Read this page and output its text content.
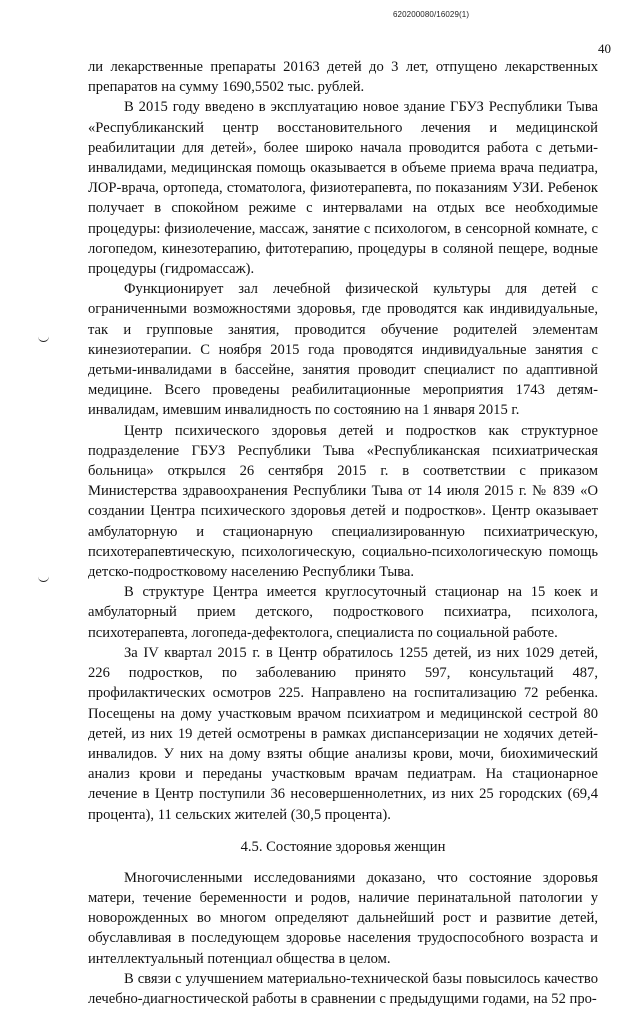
620200080/16029(1)
40

ли лекарственные препараты 20163 детей до 3 лет, отпущено лекарственных препаратов на сумму 1690,5502 тыс. рублей.

В 2015 году введено в эксплуатацию новое здание ГБУЗ Республики Тыва «Республиканский центр восстановительного лечения и медицинской реабилитации для детей», более широко начала проводится работа с детьми-инвалидами, медицинская помощь оказывается в объеме приема врача педиатра, ЛОР-врача, ортопеда, стоматолога, физиотерапевта, по показаниям УЗИ. Ребенок получает в спокойном режиме с интервалами на отдых все необходимые процедуры: физиолечение, массаж, занятие с психологом, в сенсорной комнате, с логопедом, кинезотерапию, фитотерапию, процедуры в соляной пещере, водные процедуры (гидромассаж).

Функционирует зал лечебной физической культуры для детей с ограниченными возможностями здоровья, где проводятся как индивидуальные, так и групповые занятия, проводится обучение родителей элементам кинезиотерапии. С ноября 2015 года проводятся индивидуальные занятия с детьми-инвалидами в бассейне, занятия проводит специалист по адаптивной медицине. Всего проведены реабилитационные мероприятия 1743 детям-инвалидам, имевшим инвалидность по состоянию на 1 января 2015 г.

Центр психического здоровья детей и подростков как структурное подразделение ГБУЗ Республики Тыва «Республиканская психиатрическая больница» открылся 26 сентября 2015 г. в соответствии с приказом Министерства здравоохранения Республики Тыва от 14 июля 2015 г. № 839 «О создании Центра психического здоровья детей и подростков». Центр оказывает амбулаторную и стационарную специализированную психиатрическую, психотерапевтическую, психологическую, социально-психологическую помощь детско-подростковому населению Республики Тыва.

В структуре Центра имеется круглосуточный стационар на 15 коек и амбулаторный прием детского, подросткового психиатра, психолога, психотерапевта, логопеда-дефектолога, специалиста по социальной работе.

За IV квартал 2015 г. в Центр обратилось 1255 детей, из них 1029 детей, 226 подростков, по заболеванию принято 597, консультаций 487, профилактических осмотров 225. Направлено на госпитализацию 72 ребенка. Посещены на дому участковым врачом психиатром и медицинской сестрой 80 детей, из них 19 детей осмотрены в рамках диспансеризации не ходячих детей- инвалидов. У них на дому взяты общие анализы крови, мочи, биохимический анализ крови и переданы участковым врачам педиатрам. На стационарное лечение в Центр поступили 36 несовершеннолетних, из них 25 городских (69,4 процента), 11 сельских жителей (30,5 процента).

4.5. Состояние здоровья женщин

Многочисленными исследованиями доказано, что состояние здоровья матери, течение беременности и родов, наличие перинатальной патологии у новорожденных во многом определяют дальнейший рост и развитие детей, обуславливая в последующем здоровье населения трудоспособного возраста и интеллектуальный потенциал общества в целом.

В связи с улучшением материально-технической базы повысилось качество лечебно-диагностической работы в сравнении с предыдущими годами, на 52 про-
